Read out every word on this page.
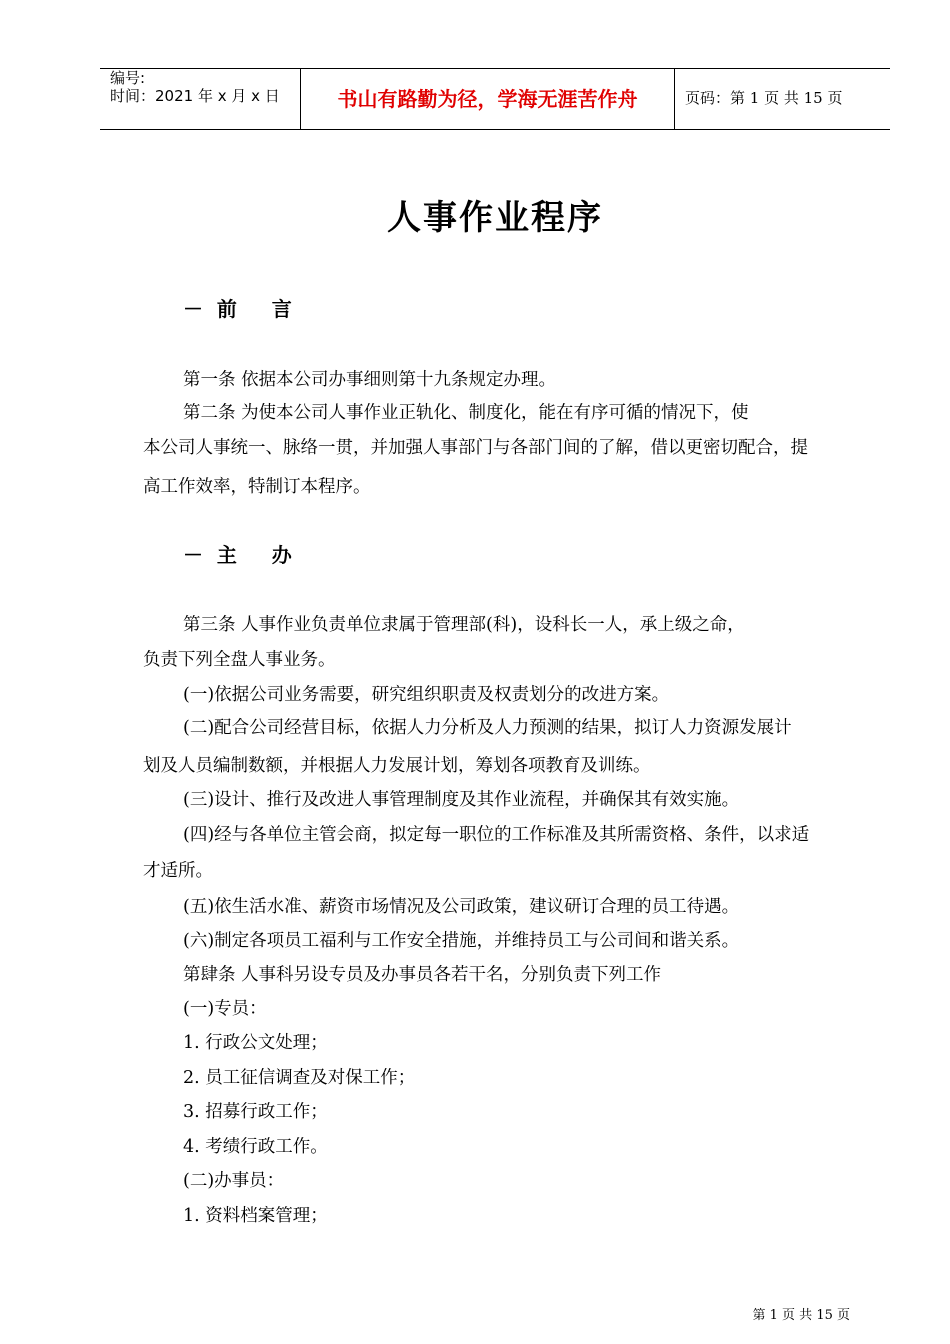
编号:
时间：2021 年 x 月 x 日	书山有路勤为径，学海无涯苦作舟	页码：第 1 页 共 15 页
人事作业程序
－  前     言
第一条 依据本公司办事细则第十九条规定办理。
第二条 为使本公司人事作业正轨化、制度化，能在有序可循的情况下，使
本公司人事统一、脉络一贯，并加强人事部门与各部门间的了解，借以更密切配合，提
高工作效率，特制订本程序。
－  主     办
第三条 人事作业负责单位隶属于管理部(科)，设科长一人，承上级之命，
负责下列全盘人事业务。
(一)依据公司业务需要，研究组织职责及权责划分的改进方案。
(二)配合公司经营目标，依据人力分析及人力预测的结果，拟订人力资源发展计
划及人员编制数额，并根据人力发展计划，筹划各项教育及训练。
(三)设计、推行及改进人事管理制度及其作业流程，并确保其有效实施。
(四)经与各单位主管会商，拟定每一职位的工作标准及其所需资格、条件，以求适
才适所。
(五)依生活水准、薪资市场情况及公司政策，建议研订合理的员工待遇。
(六)制定各项员工福利与工作安全措施，并维持员工与公司间和谐关系。
第肆条 人事科另设专员及办事员各若干名，分别负责下列工作
(一)专员：
1. 行政公文处理；
2. 员工征信调查及对保工作；
3. 招募行政工作；
4. 考绩行政工作。
(二)办事员：
1. 资料档案管理；
第 1 页 共 15 页
